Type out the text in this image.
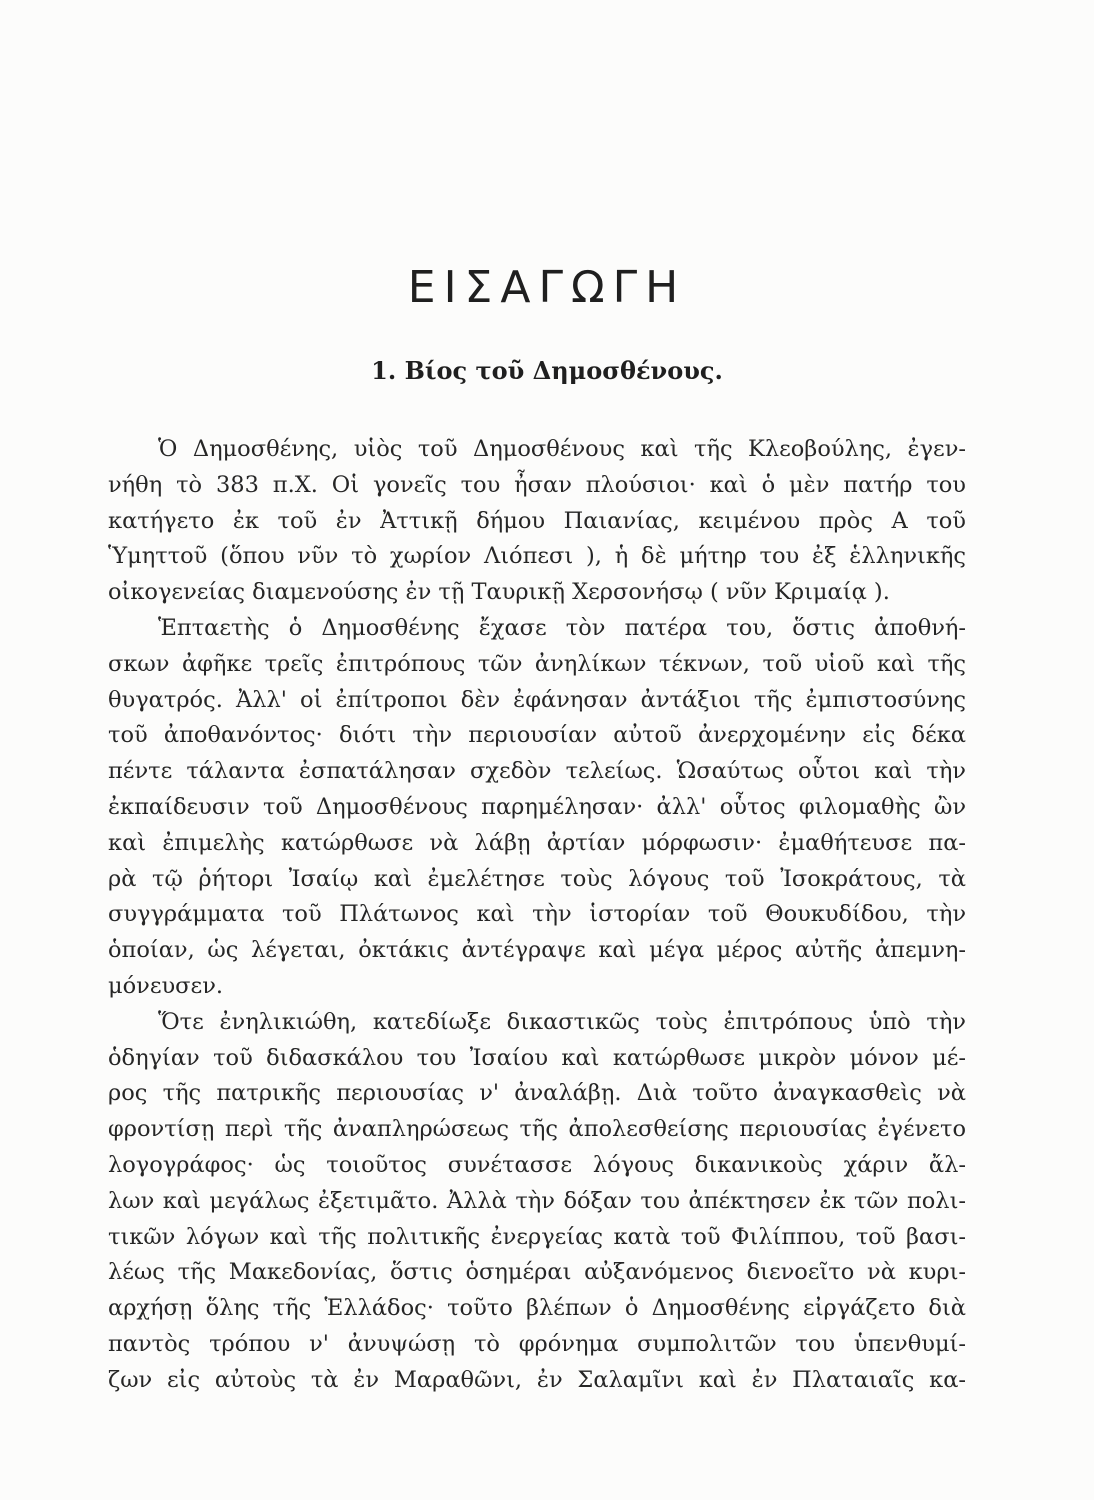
ΕΙΣΑΓΩΓΗ
1. Βίος τοῦ Δημοσθένους.
Ὁ Δημοσθένης, υἱὸς τοῦ Δημοσθένους καὶ τῆς Κλεοβούλης, ἐγεν-
νήθη τὸ 383 π.Χ. Οἱ γονεῖς του ἦσαν πλούσιοι· καὶ ὁ μὲν πατήρ του
κατήγετο ἐκ τοῦ ἐν Ἀττικῇ δήμου Παιανίας, κειμένου πρὸς Α τοῦ
Ὑμηττοῦ (ὅπου νῦν τὸ χωρίον Λιόπεσι ), ἡ δὲ μήτηρ του ἐξ ἑλληνικῆς
οἰκογενείας διαμενούσης ἐν τῇ Ταυρικῇ Χερσονήσῳ ( νῦν Κριμαίᾳ ).
Ἑπταετὴς ὁ Δημοσθένης ἔχασε τὸν πατέρα του, ὅστις ἀποθνή-
σκων ἀφῆκε τρεῖς ἐπιτρόπους τῶν ἀνηλίκων τέκνων, τοῦ υἱοῦ καὶ τῆς
θυγατρός. Ἀλλ' οἱ ἐπίτροποι δὲν ἐφάνησαν ἀντάξιοι τῆς ἐμπιστοσύνης
τοῦ ἀποθανόντος· διότι τὴν περιουσίαν αὐτοῦ ἀνερχομένην εἰς δέκα
πέντε τάλαντα ἐσπατάλησαν σχεδὸν τελείως. Ὡσαύτως οὗτοι καὶ τὴν
ἐκπαίδευσιν τοῦ Δημοσθένους παρημέλησαν· ἀλλ' οὗτος φιλομαθὴς ὢν
καὶ ἐπιμελὴς κατώρθωσε νὰ λάβῃ ἀρτίαν μόρφωσιν· ἐμαθήτευσε πα-
ρὰ τῷ ῥήτορι Ἰσαίῳ καὶ ἐμελέτησε τοὺς λόγους τοῦ Ἰσοκράτους, τὰ
συγγράμματα τοῦ Πλάτωνος καὶ τὴν ἱστορίαν τοῦ Θουκυδίδου, τὴν
ὁποίαν, ὡς λέγεται, ὀκτάκις ἀντέγραψε καὶ μέγα μέρος αὐτῆς ἀπεμνη-
μόνευσεν.
Ὅτε ἐνηλικιώθη, κατεδίωξε δικαστικῶς τοὺς ἐπιτρόπους ὑπὸ τὴν
ὁδηγίαν τοῦ διδασκάλου του Ἰσαίου καὶ κατώρθωσε μικρὸν μόνον μέ-
ρος τῆς πατρικῆς περιουσίας ν' ἀναλάβῃ. Διὰ τοῦτο ἀναγκασθεὶς νὰ
φροντίσῃ περὶ τῆς ἀναπληρώσεως τῆς ἀπολεσθείσης περιουσίας ἐγένετο
λογογράφος· ὡς τοιοῦτος συνέτασσε λόγους δικανικοὺς χάριν ἄλ-
λων καὶ μεγάλως ἐξετιμᾶτο. Ἀλλὰ τὴν δόξαν του ἀπέκτησεν ἐκ τῶν πολι-
τικῶν λόγων καὶ τῆς πολιτικῆς ἐνεργείας κατὰ τοῦ Φιλίππου, τοῦ βασι-
λέως τῆς Μακεδονίας, ὅστις ὁσημέραι αὐξανόμενος διενοεῖτο νὰ κυρι-
αρχήσῃ ὅλης τῆς Ἑλλάδος· τοῦτο βλέπων ὁ Δημοσθένης εἰργάζετο διὰ
παντὸς τρόπου ν' ἀνυψώσῃ τὸ φρόνημα συμπολιτῶν του ὑπενθυμί-
ζων εἰς αὐτοὺς τὰ ἐν Μαραθῶνι, ἐν Σαλαμῖνι καὶ ἐν Πλαταιαῖς κα-
